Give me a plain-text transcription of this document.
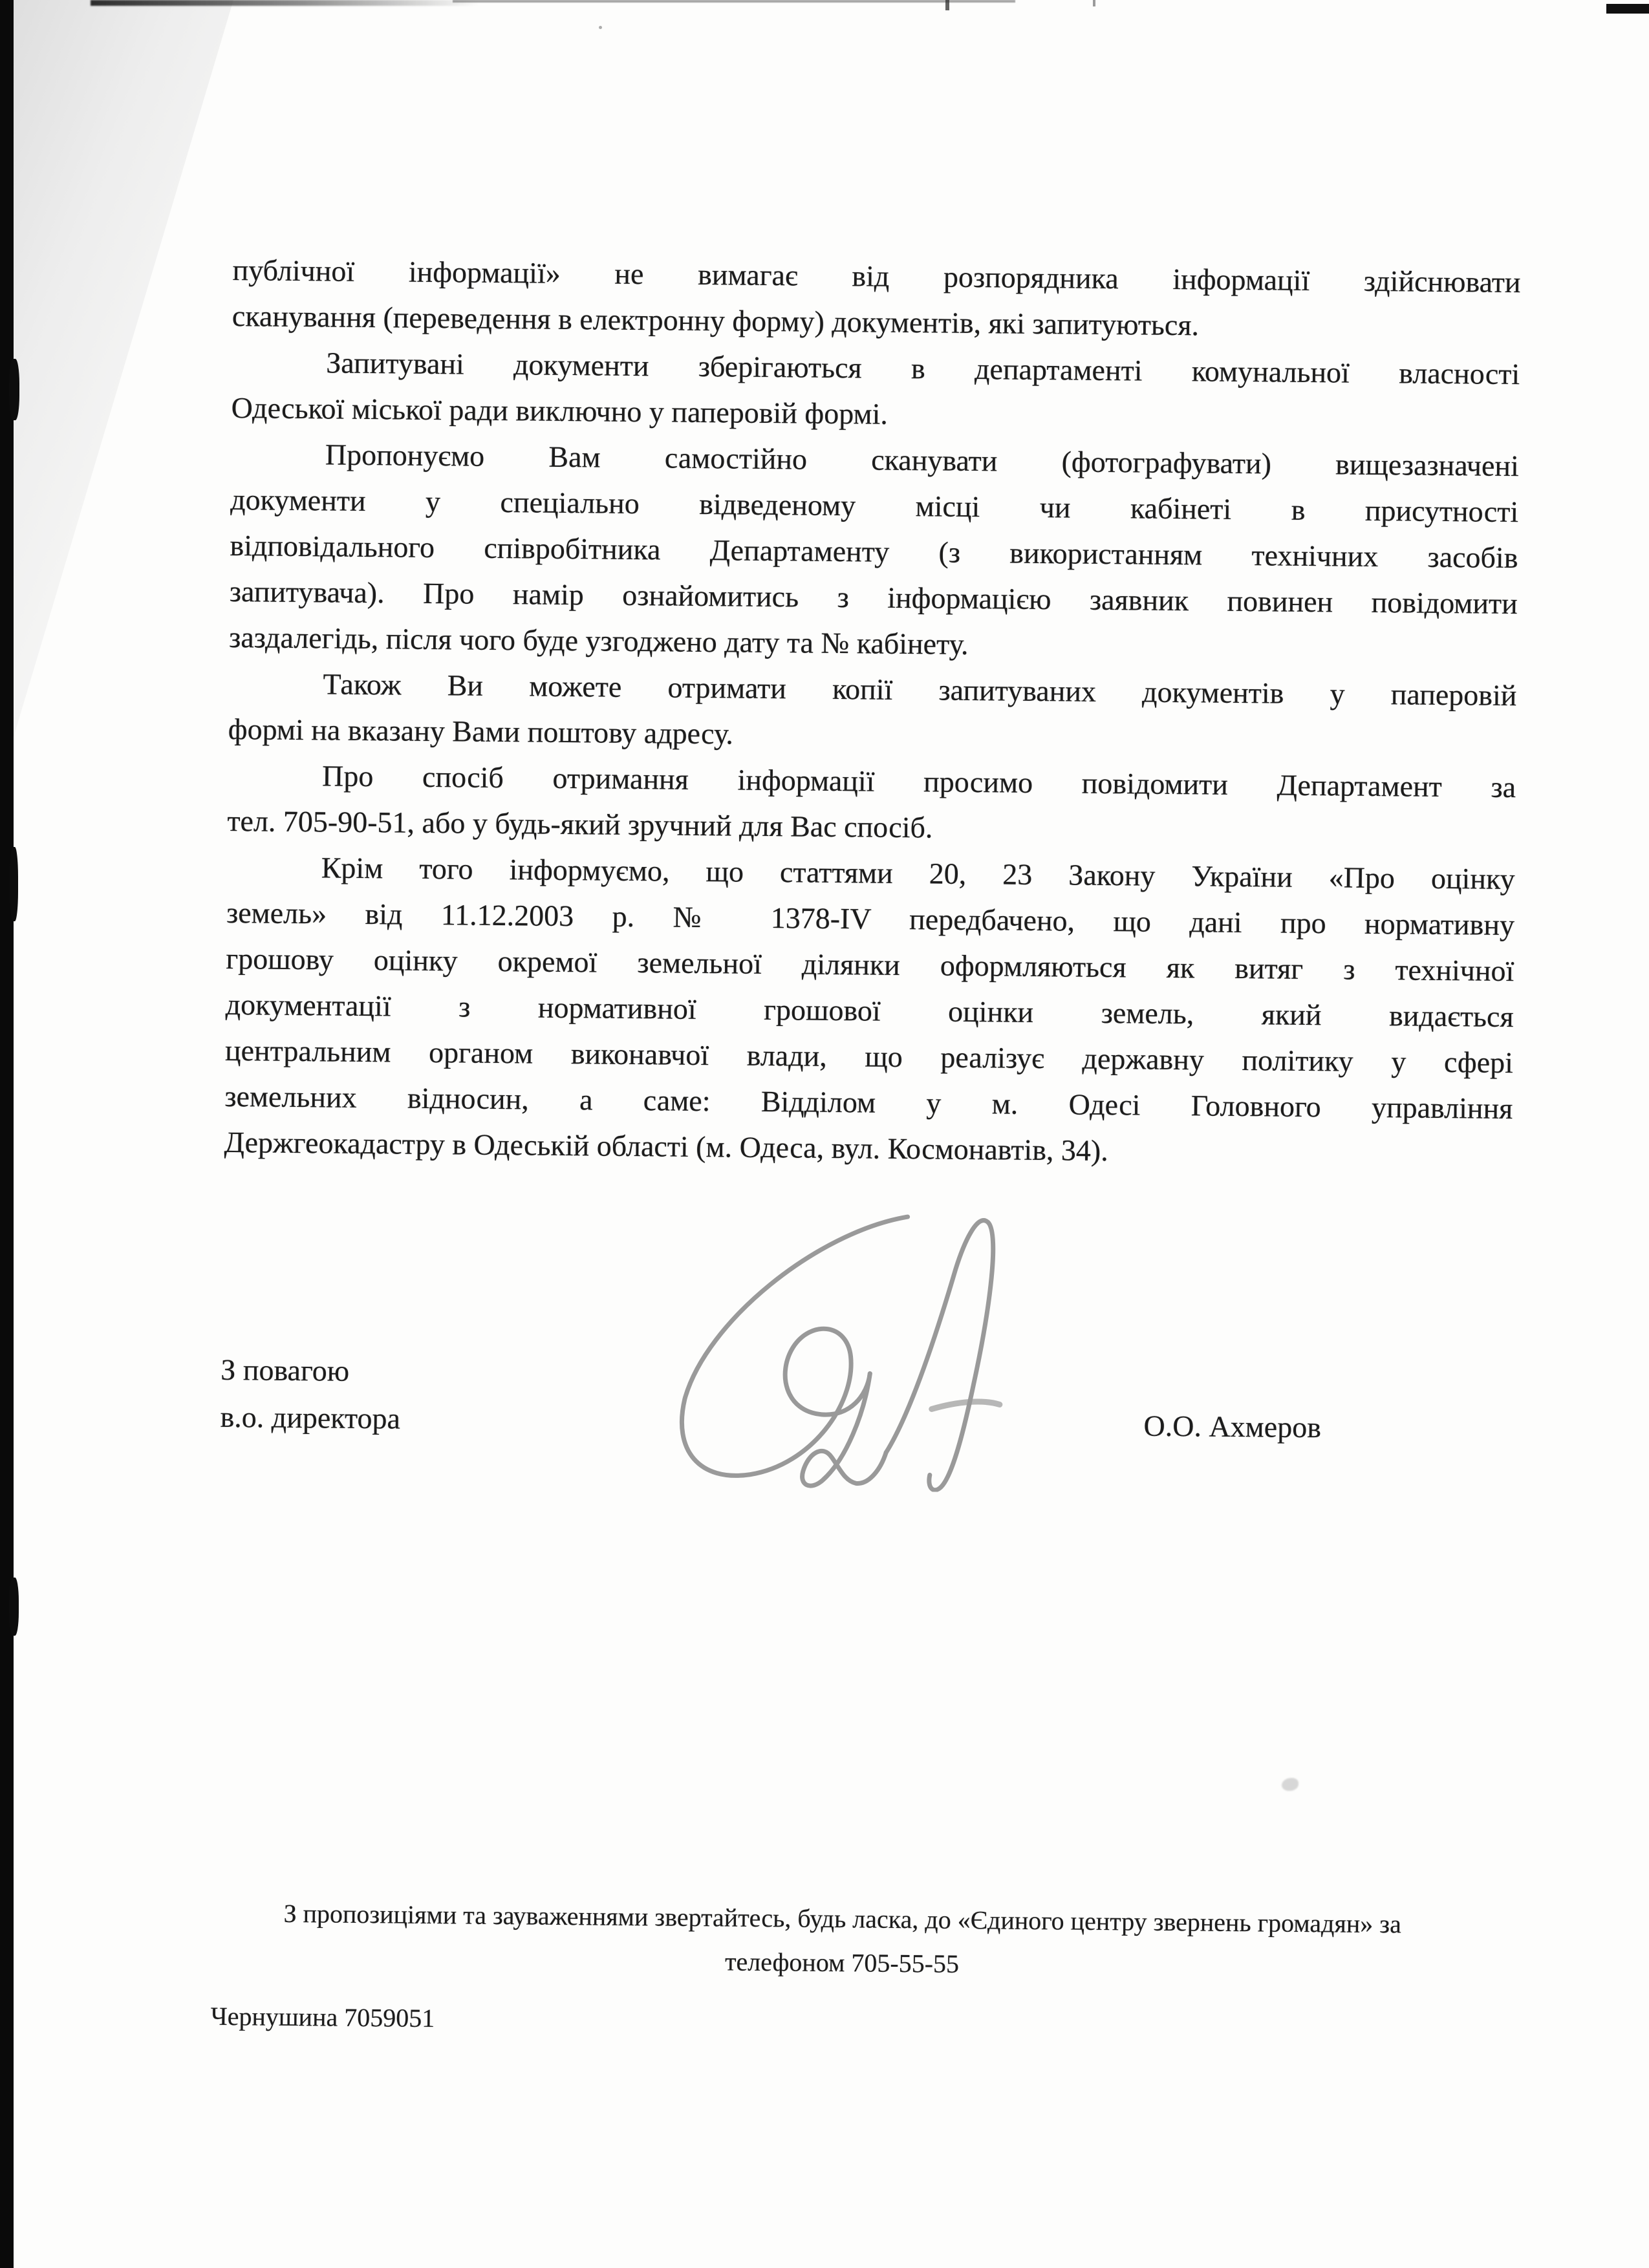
публічної інформації» не вимагає від розпорядника інформації здійснювати
сканування (переведення в електронну форму) документів, які запитуються.
Запитувані документи зберігаються в департаменті комунальної власності
Одеської міської ради виключно у паперовій формі.
Пропонуємо Вам самостійно сканувати (фотографувати) вищезазначені
документи у спеціально відведеному місці чи кабінеті в присутності
відповідального співробітника Департаменту (з використанням технічних засобів
запитувача). Про намір ознайомитись з інформацією заявник повинен повідомити
заздалегідь, після чого буде узгоджено дату та № кабінету.
Також Ви можете отримати копії запитуваних документів у паперовій
формі на вказану Вами поштову адресу.
Про спосіб отримання інформації просимо повідомити Департамент за
тел. 705-90-51, або у будь-який зручний для Вас спосіб.
Крім того інформуємо, що статтями 20, 23 Закону України «Про оцінку
земель» від 11.12.2003 р. № 1378-IV передбачено, що дані про нормативну
грошову оцінку окремої земельної ділянки оформляються як витяг з технічної
документації з нормативної грошової оцінки земель, який видається
центральним органом виконавчої влади, що реалізує державну політику у сфері
земельних відносин, а саме: Відділом у м. Одесі Головного управління
Держгеокадастру в Одеській області (м. Одеса, вул. Космонавтів, 34).
З повагою
в.о. директора	О.О. Ахмеров
З пропозиціями та зауваженнями звертайтесь, будь ласка, до «Єдиного центру звернень громадян» за
телефоном 705-55-55
Чернушина 7059051
